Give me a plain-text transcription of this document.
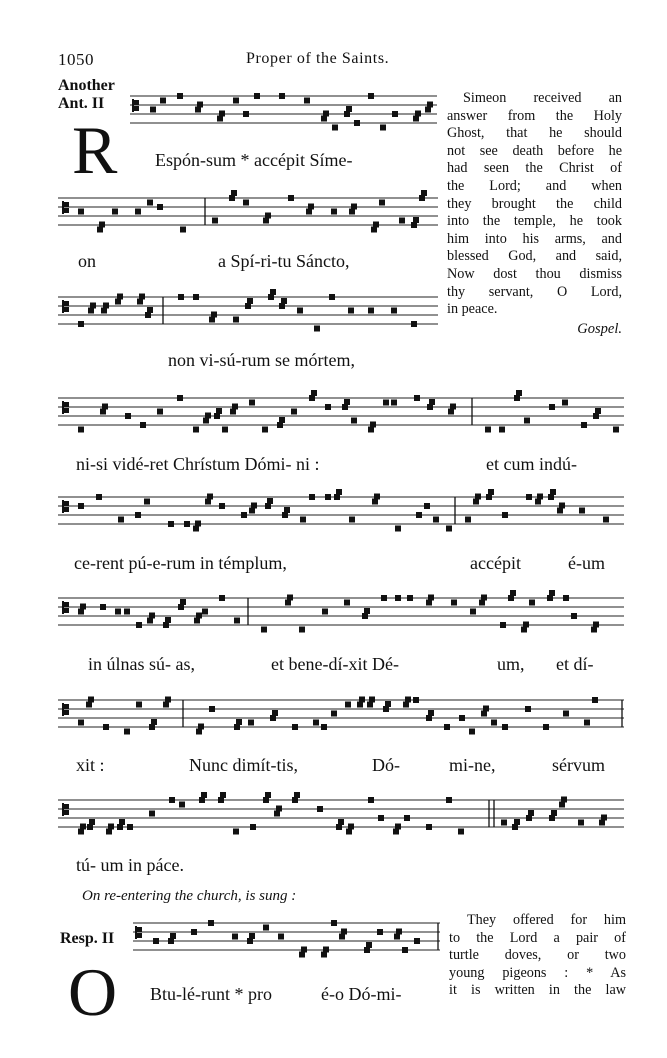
1050	Proper of the Saints.
Another
Ant. II
R Espón-sum * accépit Síme-
on	a Spí-ri-tu Sáncto,
non vi-sú-rum se mórtem,
ni-si vidé-ret Chrístum Dómi- ni :	et cum indú-
ce-rent pú-e-rum in témplum,	accépit	é-um
in úlnas sú- as,	et bene-dí-xit Dé-	um, et dí-
xit :	Nunc dimít-tis,	Dó-	mi-ne,	sérvum
tú- um in páce.
Simeon received an
answer from the Holy
Ghost, that he should
not see death before he
had seen the Christ of
the Lord; and when
they brought the child
into the temple, he took
him into his arms, and
blessed God, and said,
Now dost thou dismiss
thy servant, O Lord,
in peace.
Gospel.
On re-entering the church, is sung :
Resp. II
O Btu-lé-runt * pro	é-o Dó-mi-
They offered for him
to the Lord a pair of
turtle doves, or two
young pigeons : * As
it is written in the law
